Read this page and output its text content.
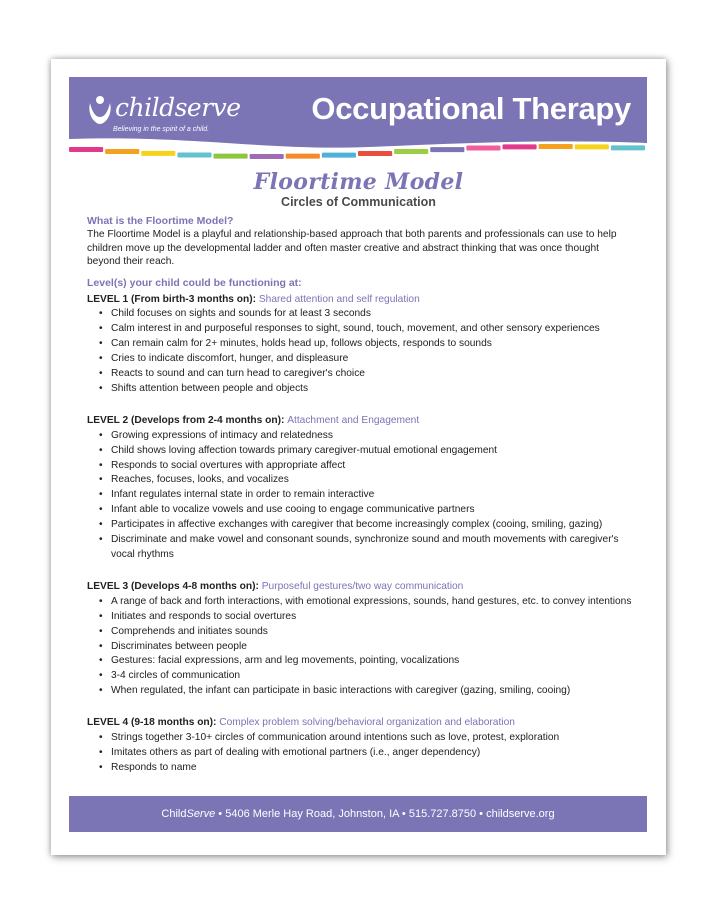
childserve
Believing in the spirit of a child.
Occupational Therapy
Floortime Model
Circles of Communication
What is the Floortime Model?

The Floortime Model is a playful and relationship-based approach that both parents and professionals can use to help
children move up the developmental ladder and often master creative and abstract thinking that was once thought
beyond their reach.

Level(s) your child could be functioning at:
LEVEL 1 (From birth-3 months on): Shared attention and self regulation
• Child focuses on sights and sounds for at least 3 seconds
• Calm interest in and purposeful responses to sight, sound, touch, movement, and other sensory experiences
• Can remain calm for 2+ minutes, holds head up, follows objects, responds to sounds
• Cries to indicate discomfort, hunger, and displeasure
• Reacts to sound and can turn head to caregiver's choice
• Shifts attention between people and objects
LEVEL 2 (Develops from 2-4 months on): Attachment and Engagement
• Growing expressions of intimacy and relatedness
• Child shows loving affection towards primary caregiver-mutual emotional engagement
• Responds to social overtures with appropriate affect
• Reaches, focuses, looks, and vocalizes
• Infant regulates internal state in order to remain interactive
• Infant able to vocalize vowels and use cooing to engage communicative partners
• Participates in affective exchanges with caregiver that become increasingly complex (cooing, smiling, gazing)
• Discriminate and make vowel and consonant sounds, synchronize sound and mouth movements with caregiver's
vocal rhythms
LEVEL 3 (Develops 4-8 months on): Purposeful gestures/two way communication
• A range of back and forth interactions, with emotional expressions, sounds, hand gestures, etc. to convey intentions
• Initiates and responds to social overtures
• Comprehends and initiates sounds
• Discriminates between people
• Gestures: facial expressions, arm and leg movements, pointing, vocalizations
• 3-4 circles of communication
• When regulated, the infant can participate in basic interactions with caregiver (gazing, smiling, cooing)
LEVEL 4 (9-18 months on): Complex problem solving/behavioral organization and elaboration
• Strings together 3-10+ circles of communication around intentions such as love, protest, exploration
• Imitates others as part of dealing with emotional partners (i.e., anger dependency)
• Responds to name
ChildServe • 5406 Merle Hay Road, Johnston, IA • 515.727.8750 • childserve.org
